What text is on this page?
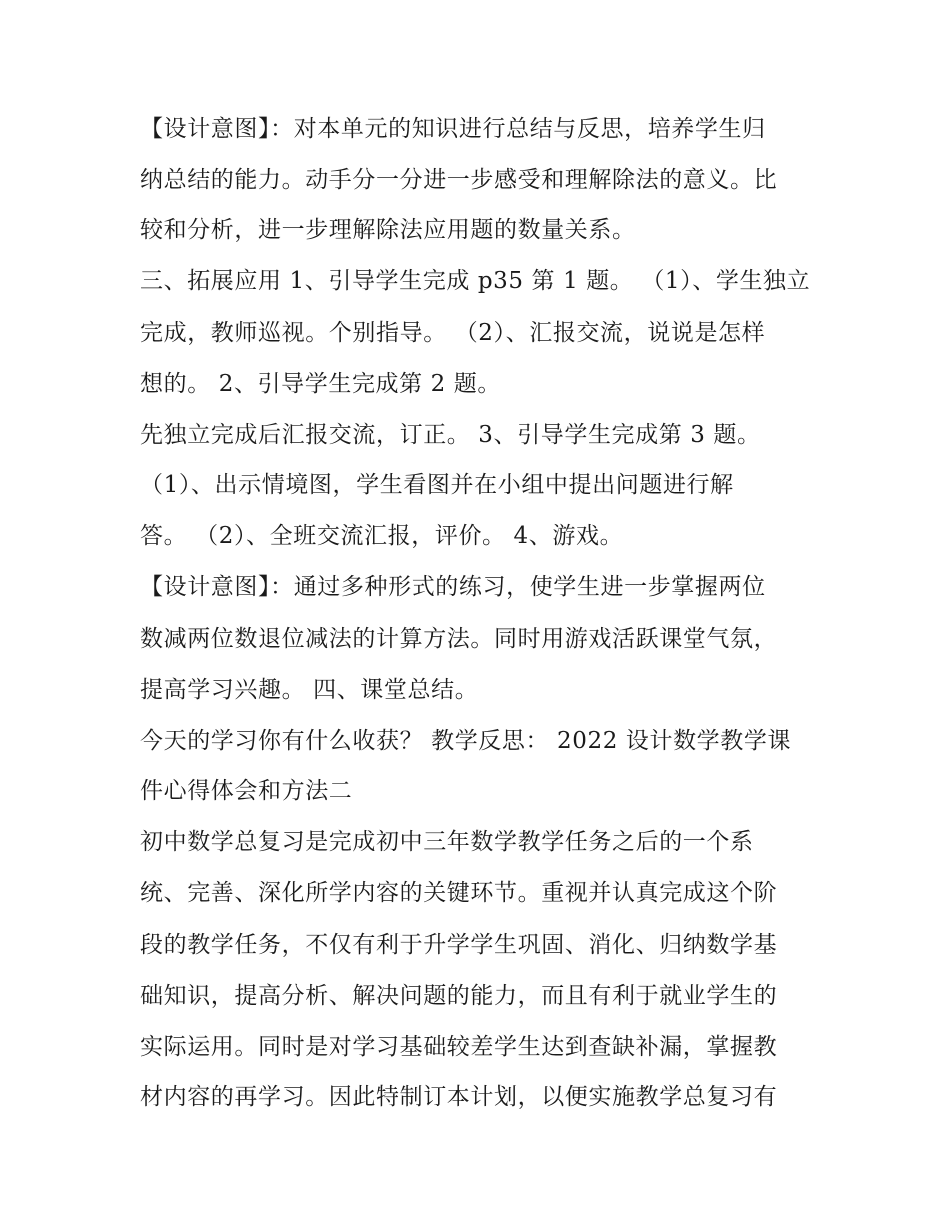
【设计意图】：对本单元的知识进行总结与反思，培养学生归
纳总结的能力。动手分一分进一步感受和理解除法的意义。比
较和分析，进一步理解除法应用题的数量关系。
三、拓展应用 1、引导学生完成 p35 第 1 题。 （1）、学生独立
完成，教师巡视。个别指导。 （2）、汇报交流，说说是怎样
想的。 2、引导学生完成第 2 题。
先独立完成后汇报交流，订正。 3、引导学生完成第 3 题。
（1）、出示情境图，学生看图并在小组中提出问题进行解
答。 （2）、全班交流汇报，评价。 4、游戏。
【设计意图】：通过多种形式的练习，使学生进一步掌握两位
数减两位数退位减法的计算方法。同时用游戏活跃课堂气氛，
提高学习兴趣。 四、课堂总结。
今天的学习你有什么收获？ 教学反思： 2022 设计数学教学课
件心得体会和方法二
初中数学总复习是完成初中三年数学教学任务之后的一个系
统、完善、深化所学内容的关键环节。重视并认真完成这个阶
段的教学任务，不仅有利于升学学生巩固、消化、归纳数学基
础知识，提高分析、解决问题的能力，而且有利于就业学生的
实际运用。同时是对学习基础较差学生达到查缺补漏，掌握教
材内容的再学习。因此特制订本计划，以便实施教学总复习有
